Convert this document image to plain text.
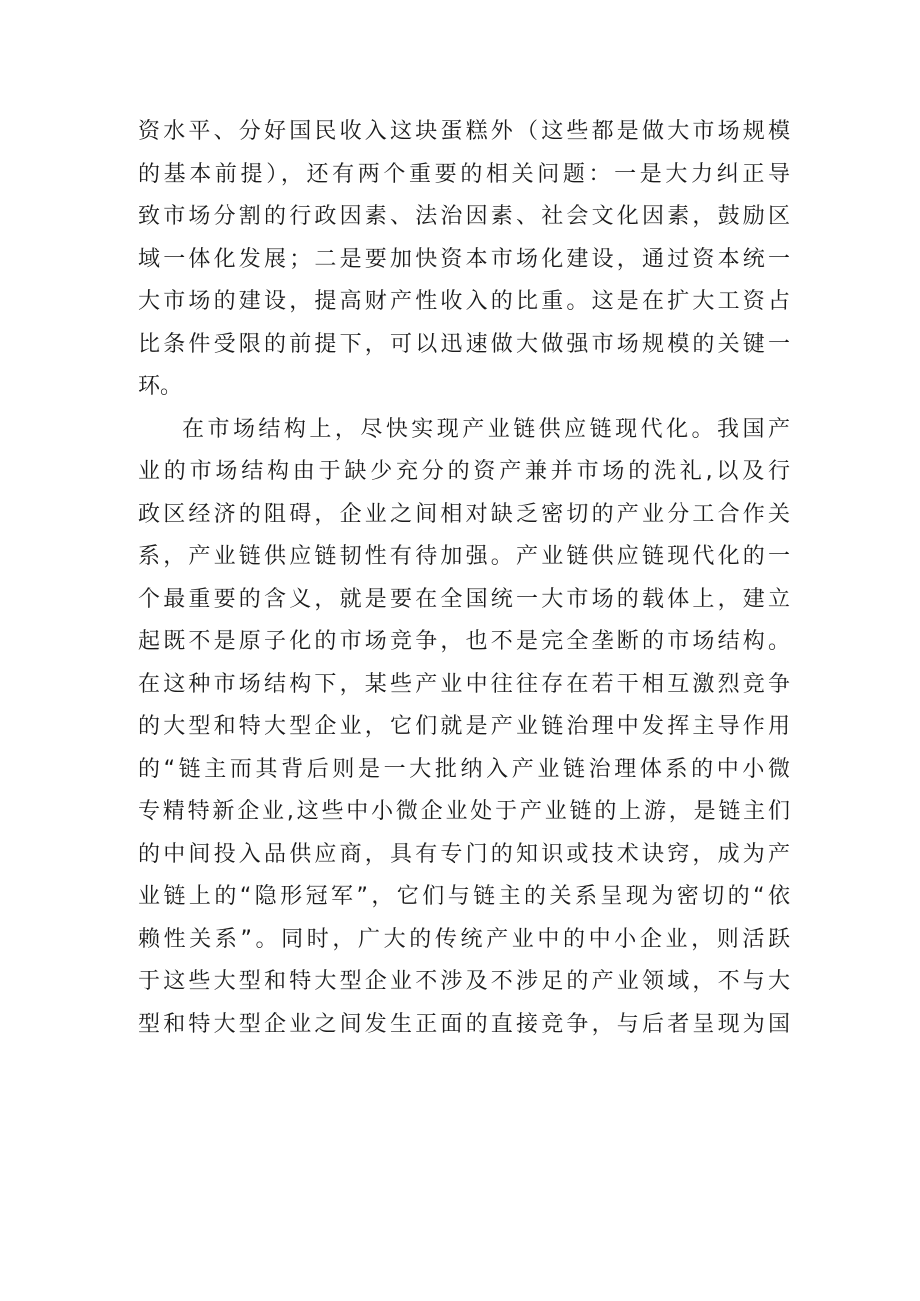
资水平、分好国民收入这块蛋糕外（这些都是做大市场规模
的基本前提），还有两个重要的相关问题：一是大力纠正导
致市场分割的行政因素、法治因素、社会文化因素，鼓励区
域一体化发展；二是要加快资本市场化建设，通过资本统一
大市场的建设，提高财产性收入的比重。这是在扩大工资占
比条件受限的前提下，可以迅速做大做强市场规模的关键一
环。
在市场结构上，尽快实现产业链供应链现代化。我国产
业的市场结构由于缺少充分的资产兼并市场的洗礼,以及行
政区经济的阻碍，企业之间相对缺乏密切的产业分工合作关
系，产业链供应链韧性有待加强。产业链供应链现代化的一
个最重要的含义，就是要在全国统一大市场的载体上，建立
起既不是原子化的市场竞争，也不是完全垄断的市场结构。
在这种市场结构下，某些产业中往往存在若干相互激烈竞争
的大型和特大型企业，它们就是产业链治理中发挥主导作用
的“链主而其背后则是一大批纳入产业链治理体系的中小微
专精特新企业,这些中小微企业处于产业链的上游，是链主们
的中间投入品供应商，具有专门的知识或技术诀窍，成为产
业链上的“隐形冠军”，它们与链主的关系呈现为密切的“依
赖性关系”。同时，广大的传统产业中的中小企业，则活跃
于这些大型和特大型企业不涉及不涉足的产业领域，不与大
型和特大型企业之间发生正面的直接竞争，与后者呈现为国
